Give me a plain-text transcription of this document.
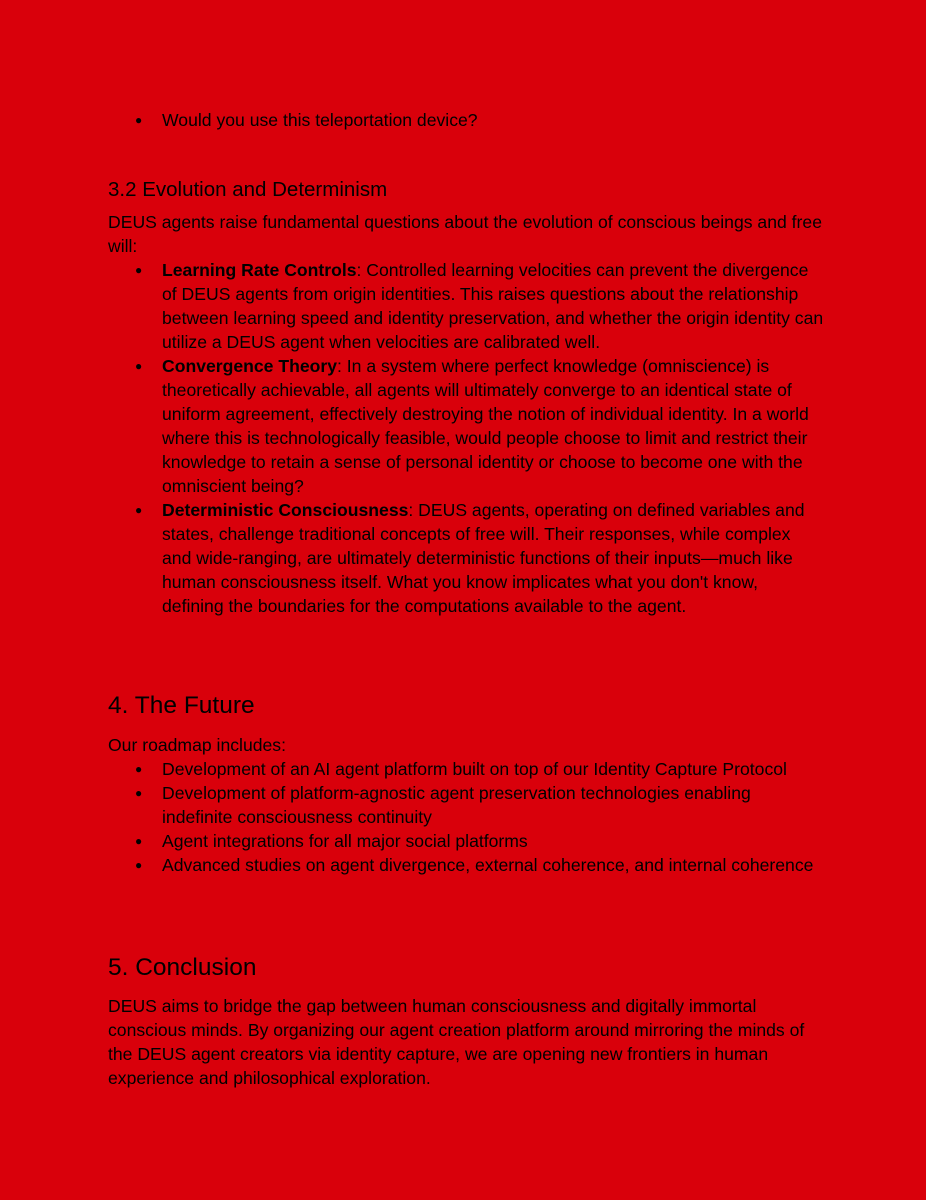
● Would you use this teleportation device?
3.2 Evolution and Determinism

DEUS agents raise fundamental questions about the evolution of conscious beings and free will:

● Learning Rate Controls: Controlled learning velocities can prevent the divergence of DEUS agents from origin identities. This raises questions about the relationship between learning speed and identity preservation, and whether the origin identity can utilize a DEUS agent when velocities are calibrated well.
● Convergence Theory: In a system where perfect knowledge (omniscience) is theoretically achievable, all agents will ultimately converge to an identical state of uniform agreement, effectively destroying the notion of individual identity. In a world where this is technologically feasible, would people choose to limit and restrict their knowledge to retain a sense of personal identity or choose to become one with the omniscient being?
● Deterministic Consciousness: DEUS agents, operating on defined variables and states, challenge traditional concepts of free will. Their responses, while complex and wide-ranging, are ultimately deterministic functions of their inputs—much like human consciousness itself. What you know implicates what you don't know, defining the boundaries for the computations available to the agent.
4. The Future

Our roadmap includes:

● Development of an AI agent platform built on top of our Identity Capture Protocol
● Development of platform-agnostic agent preservation technologies enabling indefinite consciousness continuity
● Agent integrations for all major social platforms
● Advanced studies on agent divergence, external coherence, and internal coherence
5. Conclusion

DEUS aims to bridge the gap between human consciousness and digitally immortal conscious minds. By organizing our agent creation platform around mirroring the minds of the DEUS agent creators via identity capture, we are opening new frontiers in human experience and philosophical exploration.
